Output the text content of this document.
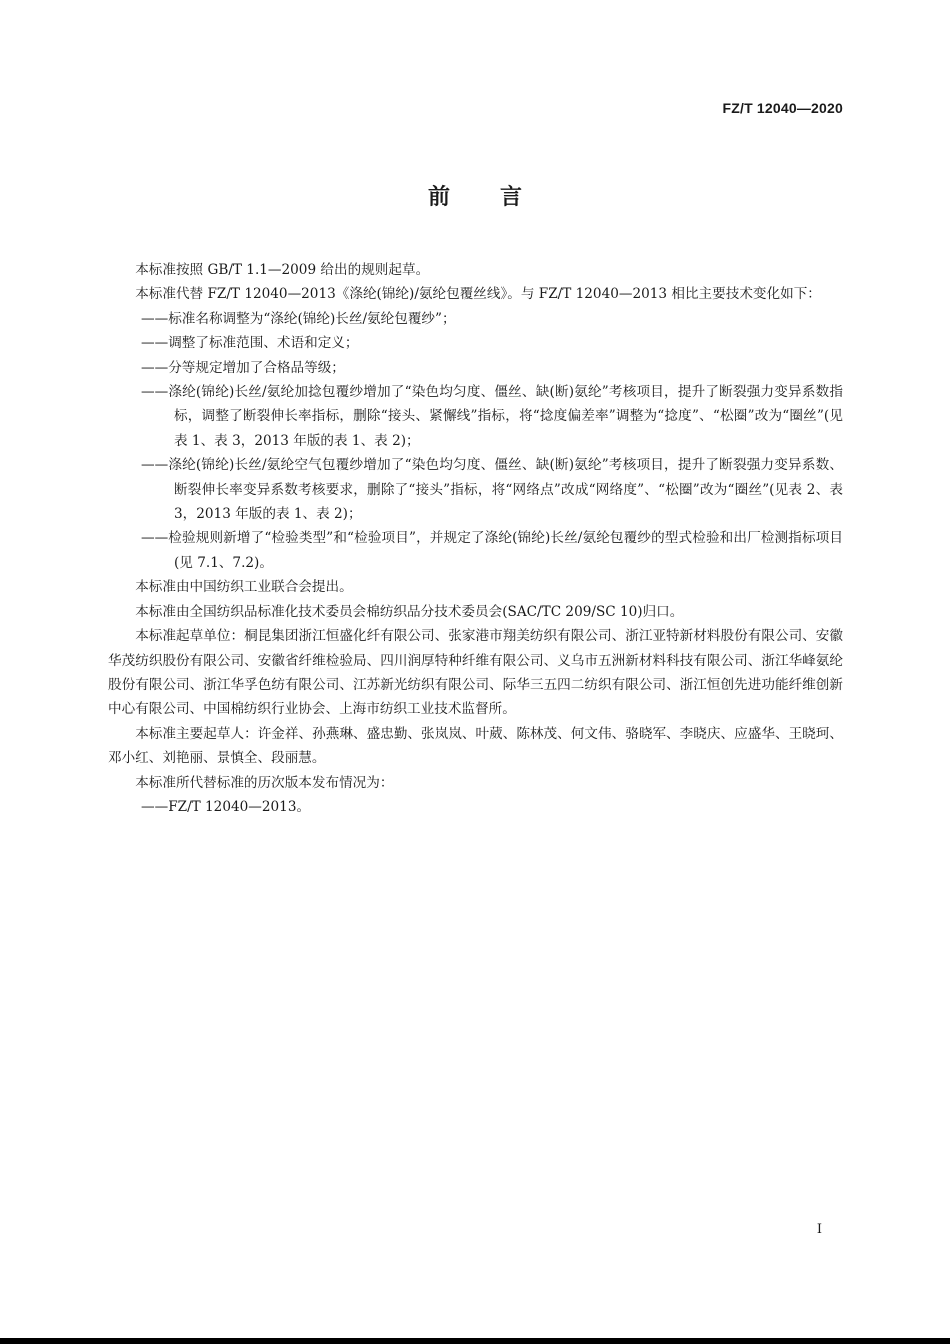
FZ/T 12040—2020
前言

本标准按照 GB/T 1.1—2009 给出的规则起草。

本标准代替 FZ/T 12040—2013《涤纶(锦纶)/氨纶包覆丝线》。与 FZ/T 12040—2013 相比主要技术变化如下：

——标准名称调整为“涤纶(锦纶)长丝/氨纶包覆纱”；

——调整了标准范围、术语和定义；

——分等规定增加了合格品等级；

——涤纶(锦纶)长丝/氨纶加捻包覆纱增加了“染色均匀度、僵丝、缺(断)氨纶”考核项目，提升了断裂强力变异系数指标，调整了断裂伸长率指标，删除“接头、紧懈线”指标，将“捻度偏差率”调整为“捻度”、“松圈”改为“圈丝”(见表 1、表 3，2013 年版的表 1、表 2)；

——涤纶(锦纶)长丝/氨纶空气包覆纱增加了“染色均匀度、僵丝、缺(断)氨纶”考核项目，提升了断裂强力变异系数、断裂伸长率变异系数考核要求，删除了“接头”指标，将“网络点”改成“网络度”、“松圈”改为“圈丝”(见表 2、表 3，2013 年版的表 1、表 2)；

——检验规则新增了“检验类型”和“检验项目”，并规定了涤纶(锦纶)长丝/氨纶包覆纱的型式检验和出厂检测指标项目(见 7.1、7.2)。

本标准由中国纺织工业联合会提出。

本标准由全国纺织品标准化技术委员会棉纺织品分技术委员会(SAC/TC 209/SC 10)归口。

本标准起草单位：桐昆集团浙江恒盛化纤有限公司、张家港市翔美纺织有限公司、浙江亚特新材料股份有限公司、安徽华茂纺织股份有限公司、安徽省纤维检验局、四川润厚特种纤维有限公司、义乌市五洲新材料科技有限公司、浙江华峰氨纶股份有限公司、浙江华孚色纺有限公司、江苏新光纺织有限公司、际华三五四二纺织有限公司、浙江恒创先进功能纤维创新中心有限公司、中国棉纺织行业协会、上海市纺织工业技术监督所。

本标准主要起草人：许金祥、孙燕琳、盛忠勤、张岚岚、叶葳、陈林茂、何文伟、骆晓军、李晓庆、应盛华、王晓珂、邓小红、刘艳丽、景慎全、段丽慧。

本标准所代替标准的历次版本发布情况为：

——FZ/T 12040—2013。

I
